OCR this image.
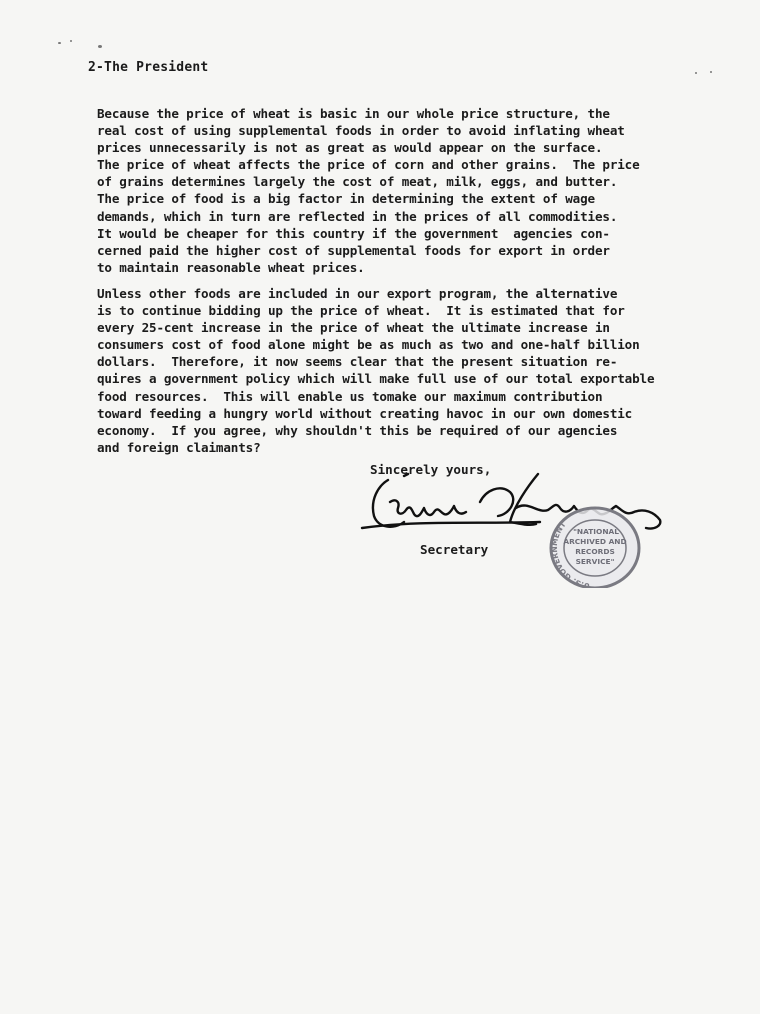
2-The President
Because the price of wheat is basic in our whole price structure, the
real cost of using supplemental foods in order to avoid inflating wheat
prices unnecessarily is not as great as would appear on the surface.
The price of wheat affects the price of corn and other grains.  The price
of grains determines largely the cost of meat, milk, eggs, and butter.
The price of food is a big factor in determining the extent of wage
demands, which in turn are reflected in the prices of all commodities.
It would be cheaper for this country if the government  agencies con-
cerned paid the higher cost of supplemental foods for export in order
to maintain reasonable wheat prices.
Unless other foods are included in our export program, the alternative
is to continue bidding up the price of wheat.  It is estimated that for
every 25-cent increase in the price of wheat the ultimate increase in
consumers cost of food alone might be as much as two and one-half billion
dollars.  Therefore, it now seems clear that the present situation re-
quires a government policy which will make full use of our total exportable
food resources.  This will enable us tomake our maximum contribution
toward feeding a hungry world without creating havoc in our own domestic
economy.  If you agree, why shouldn't this be required of our agencies
and foreign claimants?
Sincerely yours,
Secretary
U.S. GOVERNMENT
"NATIONAL
ARCHIVED AND
RECORDS
SERVICE"
